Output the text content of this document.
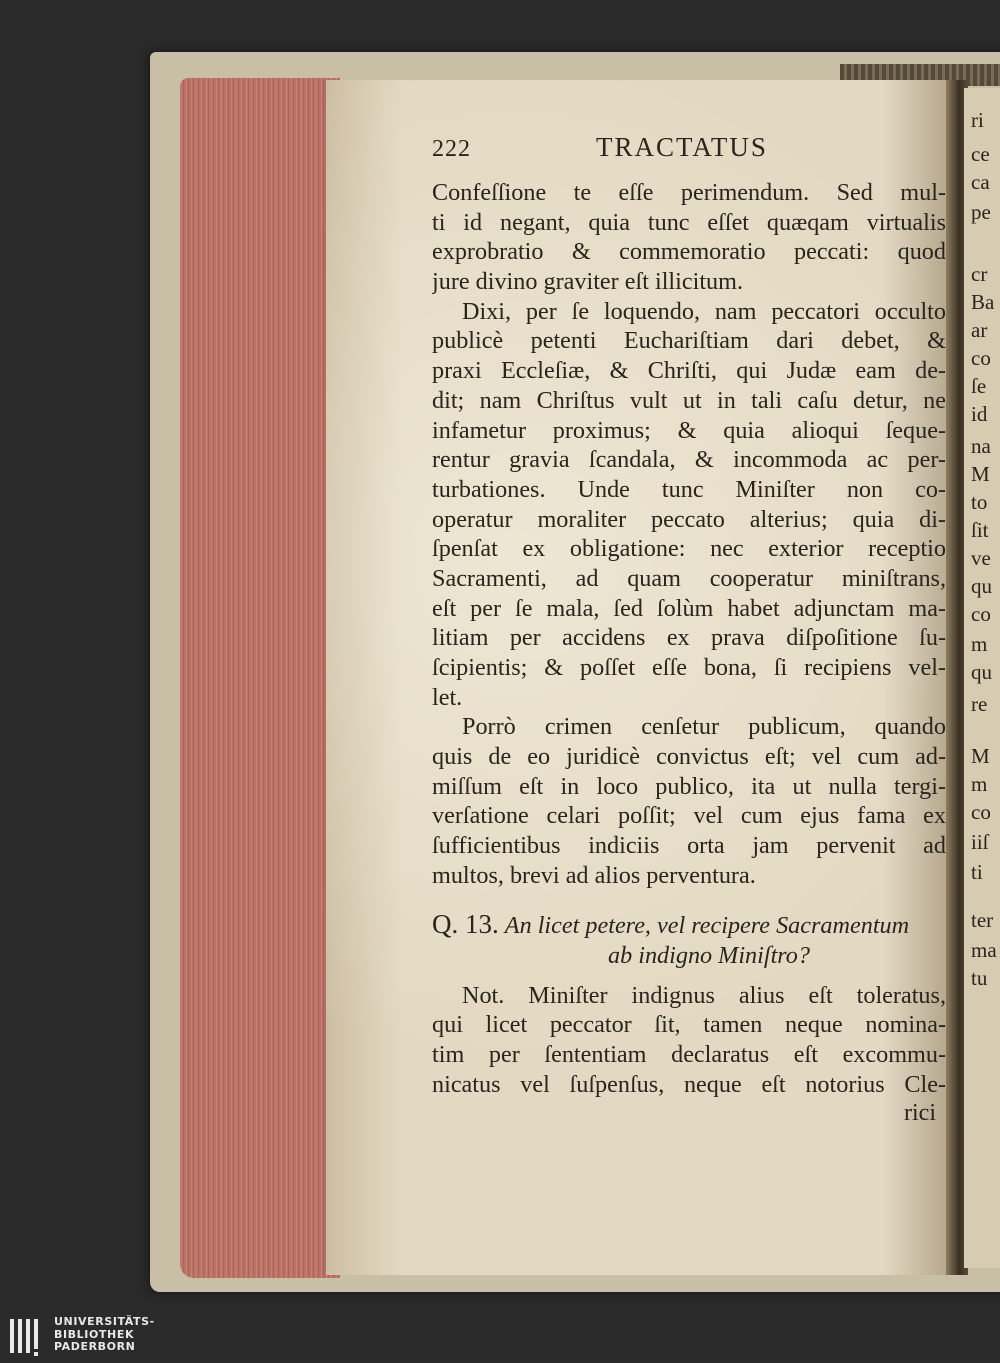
ri
ce
ca
pe
cr
Ba
ar
co
ſe
id
na
M
to
ſit
ve
qu
co
m
qu
re
M
m
co
iiſ
ti
ter
ma
tu
222	TRACTATUS
Confeſſione te eſſe perimendum. Sed mul-
ti id negant, quia tunc eſſet quæqam virtualis
exprobratio & commemoratio peccati: quod
jure divino graviter eſt illicitum.
Dixi, per ſe loquendo, nam peccatori occulto
publicè petenti Euchariſtiam dari debet, &
praxi Eccleſiæ, & Chriſti, qui Judæ eam de-
dit; nam Chriſtus vult ut in tali caſu detur, ne
infametur proximus; & quia alioqui ſeque-
rentur gravia ſcandala, & incommoda ac per-
turbationes. Unde tunc Miniſter non co-
operatur moraliter peccato alterius; quia di-
ſpenſat ex obligatione: nec exterior receptio
Sacramenti, ad quam cooperatur miniſtrans,
eſt per ſe mala, ſed ſolùm habet adjunctam ma-
litiam per accidens ex prava diſpoſitione ſu-
ſcipientis; & poſſet eſſe bona, ſi recipiens vel-
let.
Porrò crimen cenſetur publicum, quando
quis de eo juridicè convictus eſt; vel cum ad-
miſſum eſt in loco publico, ita ut nulla tergi-
verſatione celari poſſit; vel cum ejus fama ex
ſufficientibus indiciis orta jam pervenit ad
multos, brevi ad alios perventura.
Q. 13. An licet petere, vel recipere Sacramentum
ab indigno Miniſtro?
Not. Miniſter indignus alius eſt toleratus,
qui licet peccator ſit, tamen neque nomina-
tim per ſententiam declaratus eſt excommu-
nicatus vel ſuſpenſus, neque eſt notorius Cle-
rici
UNIVERSITÄTS-
BIBLIOTHEK
PADERBORN
